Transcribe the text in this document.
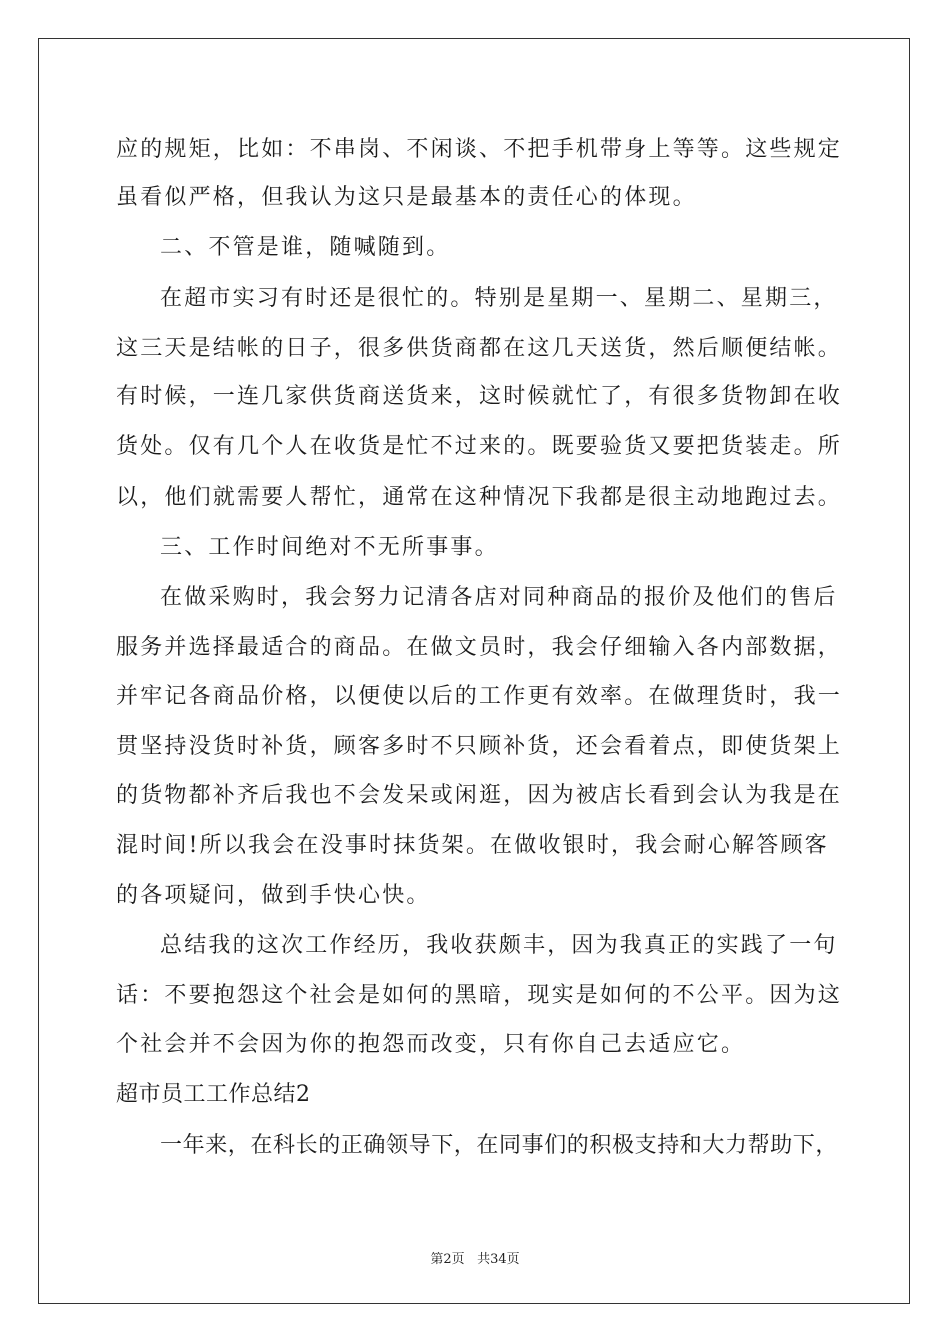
应的规矩，比如：不串岗、不闲谈、不把手机带身上等等。这些规定
虽看似严格，但我认为这只是最基本的责任心的体现。
二、不管是谁，随喊随到。
在超市实习有时还是很忙的。特别是星期一、星期二、星期三，
这三天是结帐的日子，很多供货商都在这几天送货，然后顺便结帐。
有时候，一连几家供货商送货来，这时候就忙了，有很多货物卸在收
货处。仅有几个人在收货是忙不过来的。既要验货又要把货装走。所
以，他们就需要人帮忙，通常在这种情况下我都是很主动地跑过去。
三、工作时间绝对不无所事事。
在做采购时，我会努力记清各店对同种商品的报价及他们的售后
服务并选择最适合的商品。在做文员时，我会仔细输入各内部数据，
并牢记各商品价格，以便使以后的工作更有效率。在做理货时，我一
贯坚持没货时补货，顾客多时不只顾补货，还会看着点，即使货架上
的货物都补齐后我也不会发呆或闲逛，因为被店长看到会认为我是在
混时间!所以我会在没事时抹货架。在做收银时，我会耐心解答顾客
的各项疑问，做到手快心快。
总结我的这次工作经历，我收获颇丰，因为我真正的实践了一句
话：不要抱怨这个社会是如何的黑暗，现实是如何的不公平。因为这
个社会并不会因为你的抱怨而改变，只有你自己去适应它。
超市员工工作总结2
一年来，在科长的正确领导下，在同事们的积极支持和大力帮助下，
第2页 共34页
